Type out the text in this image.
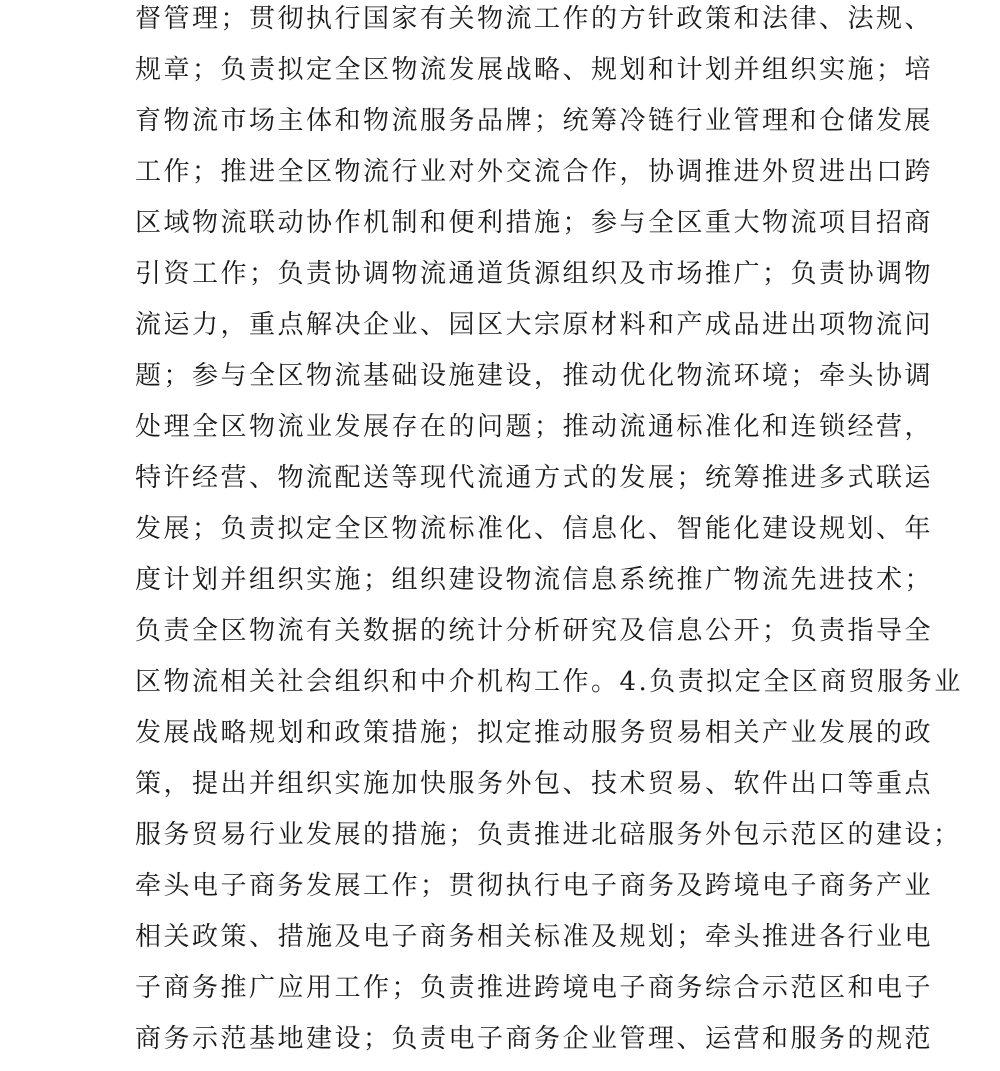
督管理；贯彻执行国家有关物流工作的方针政策和法律、法规、
规章；负责拟定全区物流发展战略、规划和计划并组织实施；培
育物流市场主体和物流服务品牌；统筹冷链行业管理和仓储发展
工作；推进全区物流行业对外交流合作，协调推进外贸进出口跨
区域物流联动协作机制和便利措施；参与全区重大物流项目招商
引资工作；负责协调物流通道货源组织及市场推广；负责协调物
流运力，重点解决企业、园区大宗原材料和产成品进出项物流问
题；参与全区物流基础设施建设，推动优化物流环境；牵头协调
处理全区物流业发展存在的问题；推动流通标准化和连锁经营，
特许经营、物流配送等现代流通方式的发展；统筹推进多式联运
发展；负责拟定全区物流标准化、信息化、智能化建设规划、年
度计划并组织实施；组织建设物流信息系统推广物流先进技术；
负责全区物流有关数据的统计分析研究及信息公开；负责指导全
区物流相关社会组织和中介机构工作。4.负责拟定全区商贸服务业
发展战略规划和政策措施；拟定推动服务贸易相关产业发展的政
策，提出并组织实施加快服务外包、技术贸易、软件出口等重点
服务贸易行业发展的措施；负责推进北碚服务外包示范区的建设；
牵头电子商务发展工作；贯彻执行电子商务及跨境电子商务产业
相关政策、措施及电子商务相关标准及规划；牵头推进各行业电
子商务推广应用工作；负责推进跨境电子商务综合示范区和电子
商务示范基地建设；负责电子商务企业管理、运营和服务的规范
